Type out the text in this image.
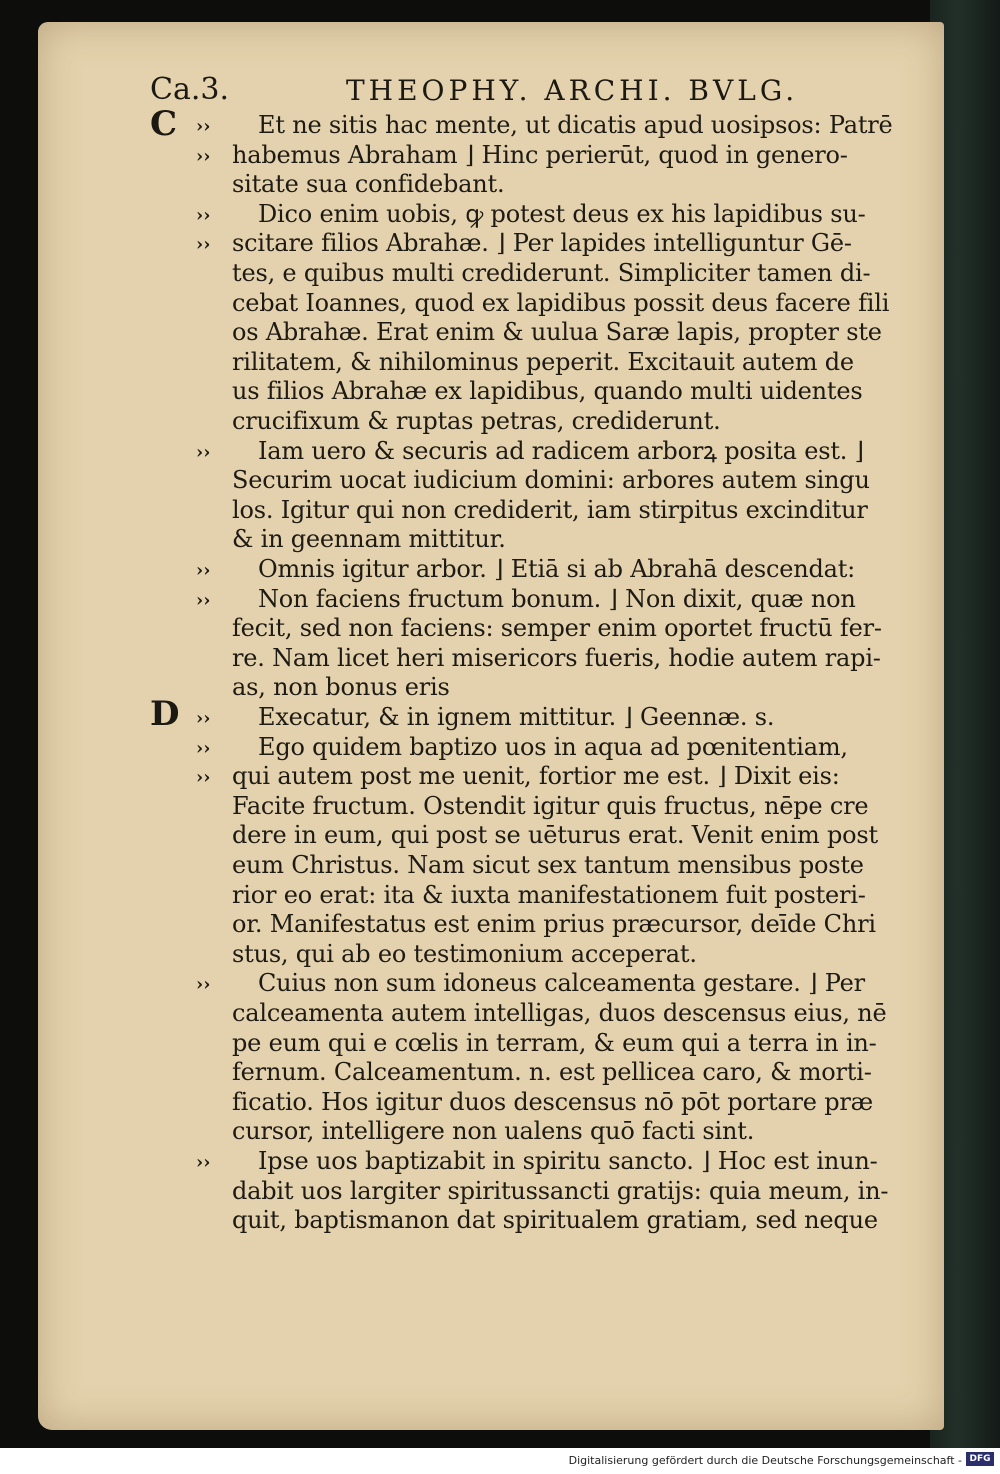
Ca.3.	THEOPHY. ARCHI. BVLG.
C
D
››
››
››
››
››
››
››
››
››
››
››
››
Et ne sitis hac mente, ut dicatis apud uosipsos: Patrē
habemus Abraham ⌋ Hinc perierūt, quod in genero-
sitate sua confidebant.
Dico enim uobis, ꝙ potest deus ex his lapidibus su-
scitare filios Abrahæ. ⌋ Per lapides intelliguntur Gē-
tes, e quibus multi crediderunt. Simpliciter tamen di-
cebat Ioannes, quod ex lapidibus possit deus facere fili
os Abrahæ. Erat enim & uulua Saræ lapis, propter ste
rilitatem, & nihilominus peperit. Excitauit autem de
us filios Abrahæ ex lapidibus, quando multi uidentes
crucifixum & ruptas petras, crediderunt.
Iam uero & securis ad radicem arborꝝ posita est. ⌋
Securim uocat iudicium domini: arbores autem singu
los. Igitur qui non crediderit, iam stirpitus excinditur
& in geennam mittitur.
Omnis igitur arbor. ⌋ Etiā si ab Abrahā descendat:
Non faciens fructum bonum. ⌋ Non dixit, quæ non
fecit, sed non faciens: semper enim oportet fructū fer-
re. Nam licet heri misericors fueris, hodie autem rapi-
as, non bonus eris
Execatur, & in ignem mittitur. ⌋ Geennæ. s.
Ego quidem baptizo uos in aqua ad pœnitentiam,
qui autem post me uenit, fortior me est. ⌋ Dixit eis:
Facite fructum. Ostendit igitur quis fructus, nēpe cre
dere in eum, qui post se uēturus erat. Venit enim post
eum Christus. Nam sicut sex tantum mensibus poste
rior eo erat: ita & iuxta manifestationem fuit posteri-
or. Manifestatus est enim prius præcursor, deīde Chri
stus, qui ab eo testimonium acceperat.
Cuius non sum idoneus calceamenta gestare. ⌋ Per
calceamenta autem intelligas, duos descensus eius, nē
pe eum qui e cœlis in terram, & eum qui a terra in in-
fernum. Calceamentum. n. est pellicea caro, & morti-
ficatio. Hos igitur duos descensus nō pōt portare præ
cursor, intelligere non ualens quō facti sint.
Ipse uos baptizabit in spiritu sancto. ⌋ Hoc est inun-
dabit uos largiter spiritussancti gratijs: quia meum, in-
quit, baptismanon dat spiritualem gratiam, sed neque
Digitalisierung gefördert durch die Deutsche Forschungsgemeinschaft - DFG
